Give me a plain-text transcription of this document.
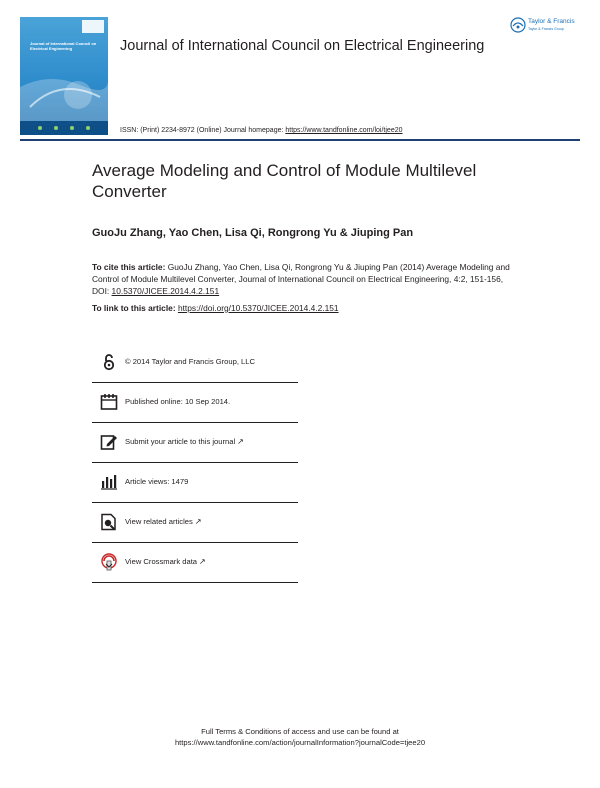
Journal of International Council on Electrical Engineering	Journal of International Council on Electrical Engineering
Taylor & Francis
Taylor & Francis Group
ISSN: (Print) 2234-8972 (Online) Journal homepage: https://www.tandfonline.com/loi/tjee20
Average Modeling and Control of Module Multilevel Converter
GuoJu Zhang, Yao Chen, Lisa Qi, Rongrong Yu & Jiuping Pan
To cite this article: GuoJu Zhang, Yao Chen, Lisa Qi, Rongrong Yu & Jiuping Pan (2014) Average Modeling and Control of Module Multilevel Converter, Journal of International Council on Electrical Engineering, 4:2, 151-156, DOI: 10.5370/JICEE.2014.4.2.151
To link to this article: https://doi.org/10.5370/JICEE.2014.4.2.151
© 2014 Taylor and Francis Group, LLC
Published online: 10 Sep 2014.
Submit your article to this journal ↗
Article views: 1479
View related articles ↗
View Crossmark data ↗
Full Terms & Conditions of access and use can be found at
https://www.tandfonline.com/action/journalInformation?journalCode=tjee20
